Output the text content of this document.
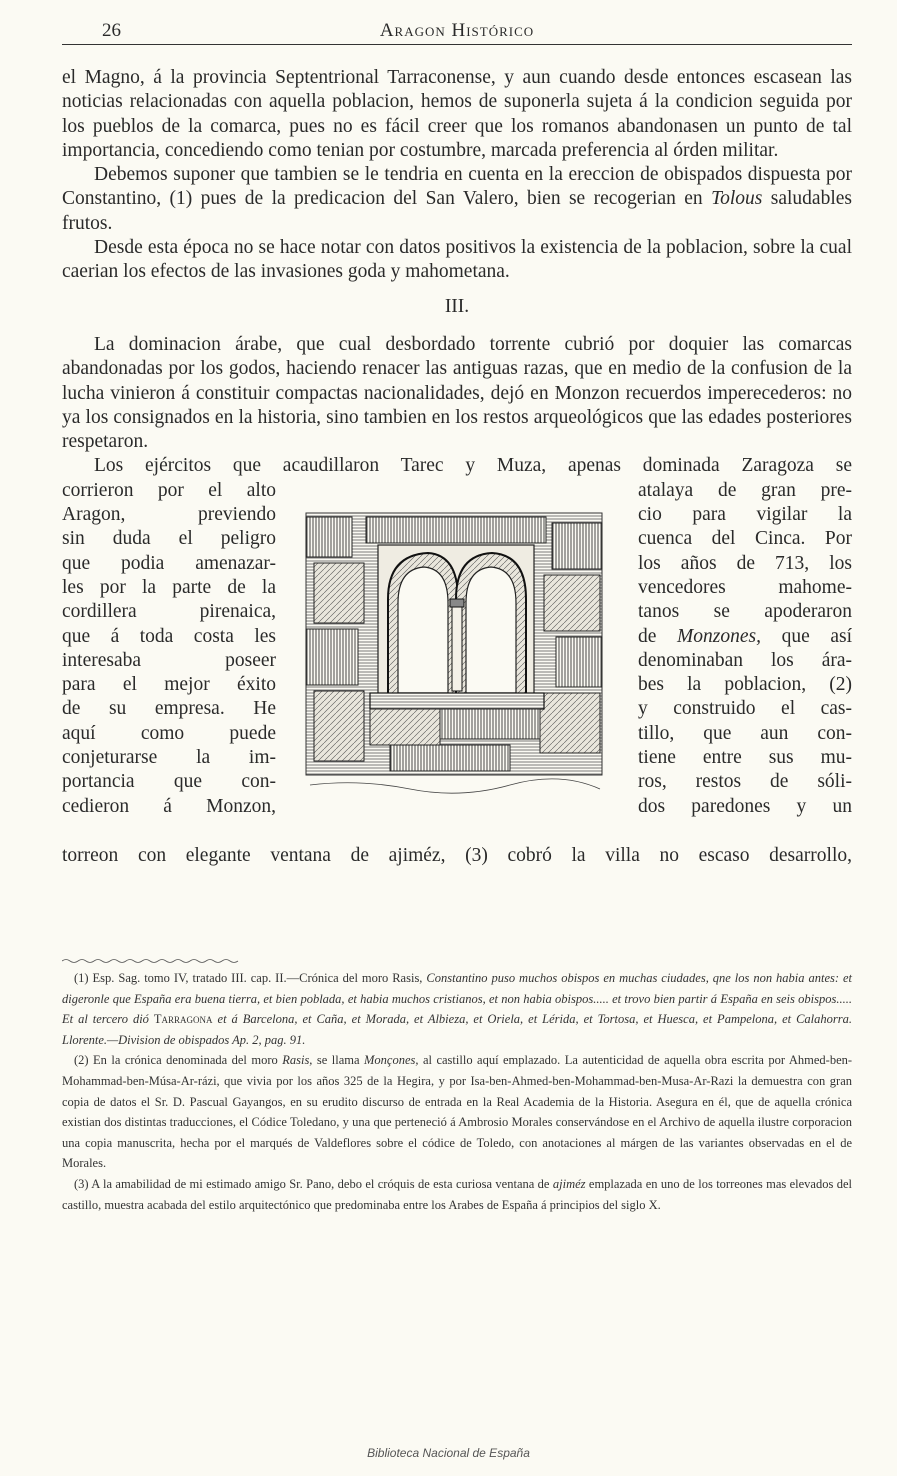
26	Aragon Histórico

el Magno, á la provincia Septentrional Tarraconense, y aun cuando desde entonces escasean las noticias relacionadas con aquella poblacion, hemos de suponerla sujeta á la condicion seguida por los pueblos de la comarca, pues no es fácil creer que los romanos abandonasen un punto de tal importancia, concediendo como tenian por costumbre, marcada preferencia al órden militar.

Debemos suponer que tambien se le tendria en cuenta en la ereccion de obispados dispuesta por Constantino, (1) pues de la predicacion del San Valero, bien se recogerian en Tolous saludables frutos.

Desde esta época no se hace notar con datos positivos la existencia de la poblacion, sobre la cual caerian los efectos de las invasiones goda y mahometana.

III.

La dominacion árabe, que cual desbordado torrente cubrió por doquier las comarcas abandonadas por los godos, haciendo renacer las antiguas razas, que en medio de la confusion de la lucha vinieron á constituir compactas nacionalidades, dejó en Monzon recuerdos imperecederos: no ya los consignados en la historia, sino tambien en los restos arqueológicos que las edades posteriores respetaron.

Los ejércitos que acaudillaron Tarec y Muza, apenas dominada Zaragoza se

corrieron por el alto
Aragon, previendo
sin duda el peligro
que podia amenazar-
les por la parte de la
cordillera pirenaica,
que á toda costa les
interesaba poseer
para el mejor éxito
de su empresa. He
aquí como puede
conjeturarse la im-
portancia que con-
cedieron á Monzon,
atalaya de gran pre-
cio para vigilar la
cuenca del Cinca. Por
los años de 713, los
vencedores mahome-
tanos se apoderaron
de Monzones, que así
denominaban los ára-
bes la poblacion, (2)
y construido el cas-
tillo, que aun con-
tiene entre sus mu-
ros, restos de sóli-
dos paredones y un

torreon con elegante ventana de ajiméz, (3) cobró la villa no escaso desarrollo,

(1) Esp. Sag. tomo IV, tratado III. cap. II.—Crónica del moro Rasis, Constantino puso muchos obispos en muchas ciudades, qne los non habia antes: et digeronle que España era buena tierra, et bien poblada, et habia muchos cristianos, et non habia obispos..... et trovo bien partir á España en seis obispos..... Et al tercero dió Tarragona et á Barcelona, et Caña, et Morada, et Albieza, et Oriela, et Lérida, et Tortosa, et Huesca, et Pampelona, et Calahorra. Llorente.—Division de obispados Ap. 2, pag. 91.

(2) En la crónica denominada del moro Rasis, se llama Monçones, al castillo aquí emplazado. La autenticidad de aquella obra escrita por Ahmed-ben-Mohammad-ben-Músa-Ar-rázi, que vivia por los años 325 de la Hegira, y por Isa-ben-Ahmed-ben-Mohammad-ben-Musa-Ar-Razi la demuestra con gran copia de datos el Sr. D. Pascual Gayangos, en su erudito discurso de entrada en la Real Academia de la Historia. Asegura en él, que de aquella crónica existian dos distintas traducciones, el Códice Toledano, y una que perteneció á Ambrosio Morales conservándose en el Archivo de aquella ilustre corporacion una copia manuscrita, hecha por el marqués de Valdeflores sobre el códice de Toledo, con anotaciones al márgen de las variantes observadas en el de Morales.

(3) A la amabilidad de mi estimado amigo Sr. Pano, debo el cróquis de esta curiosa ventana de ajiméz emplazada en uno de los torreones mas elevados del castillo, muestra acabada del estilo arquitectónico que predominaba entre los Arabes de España á principios del siglo X.

Biblioteca Nacional de España
